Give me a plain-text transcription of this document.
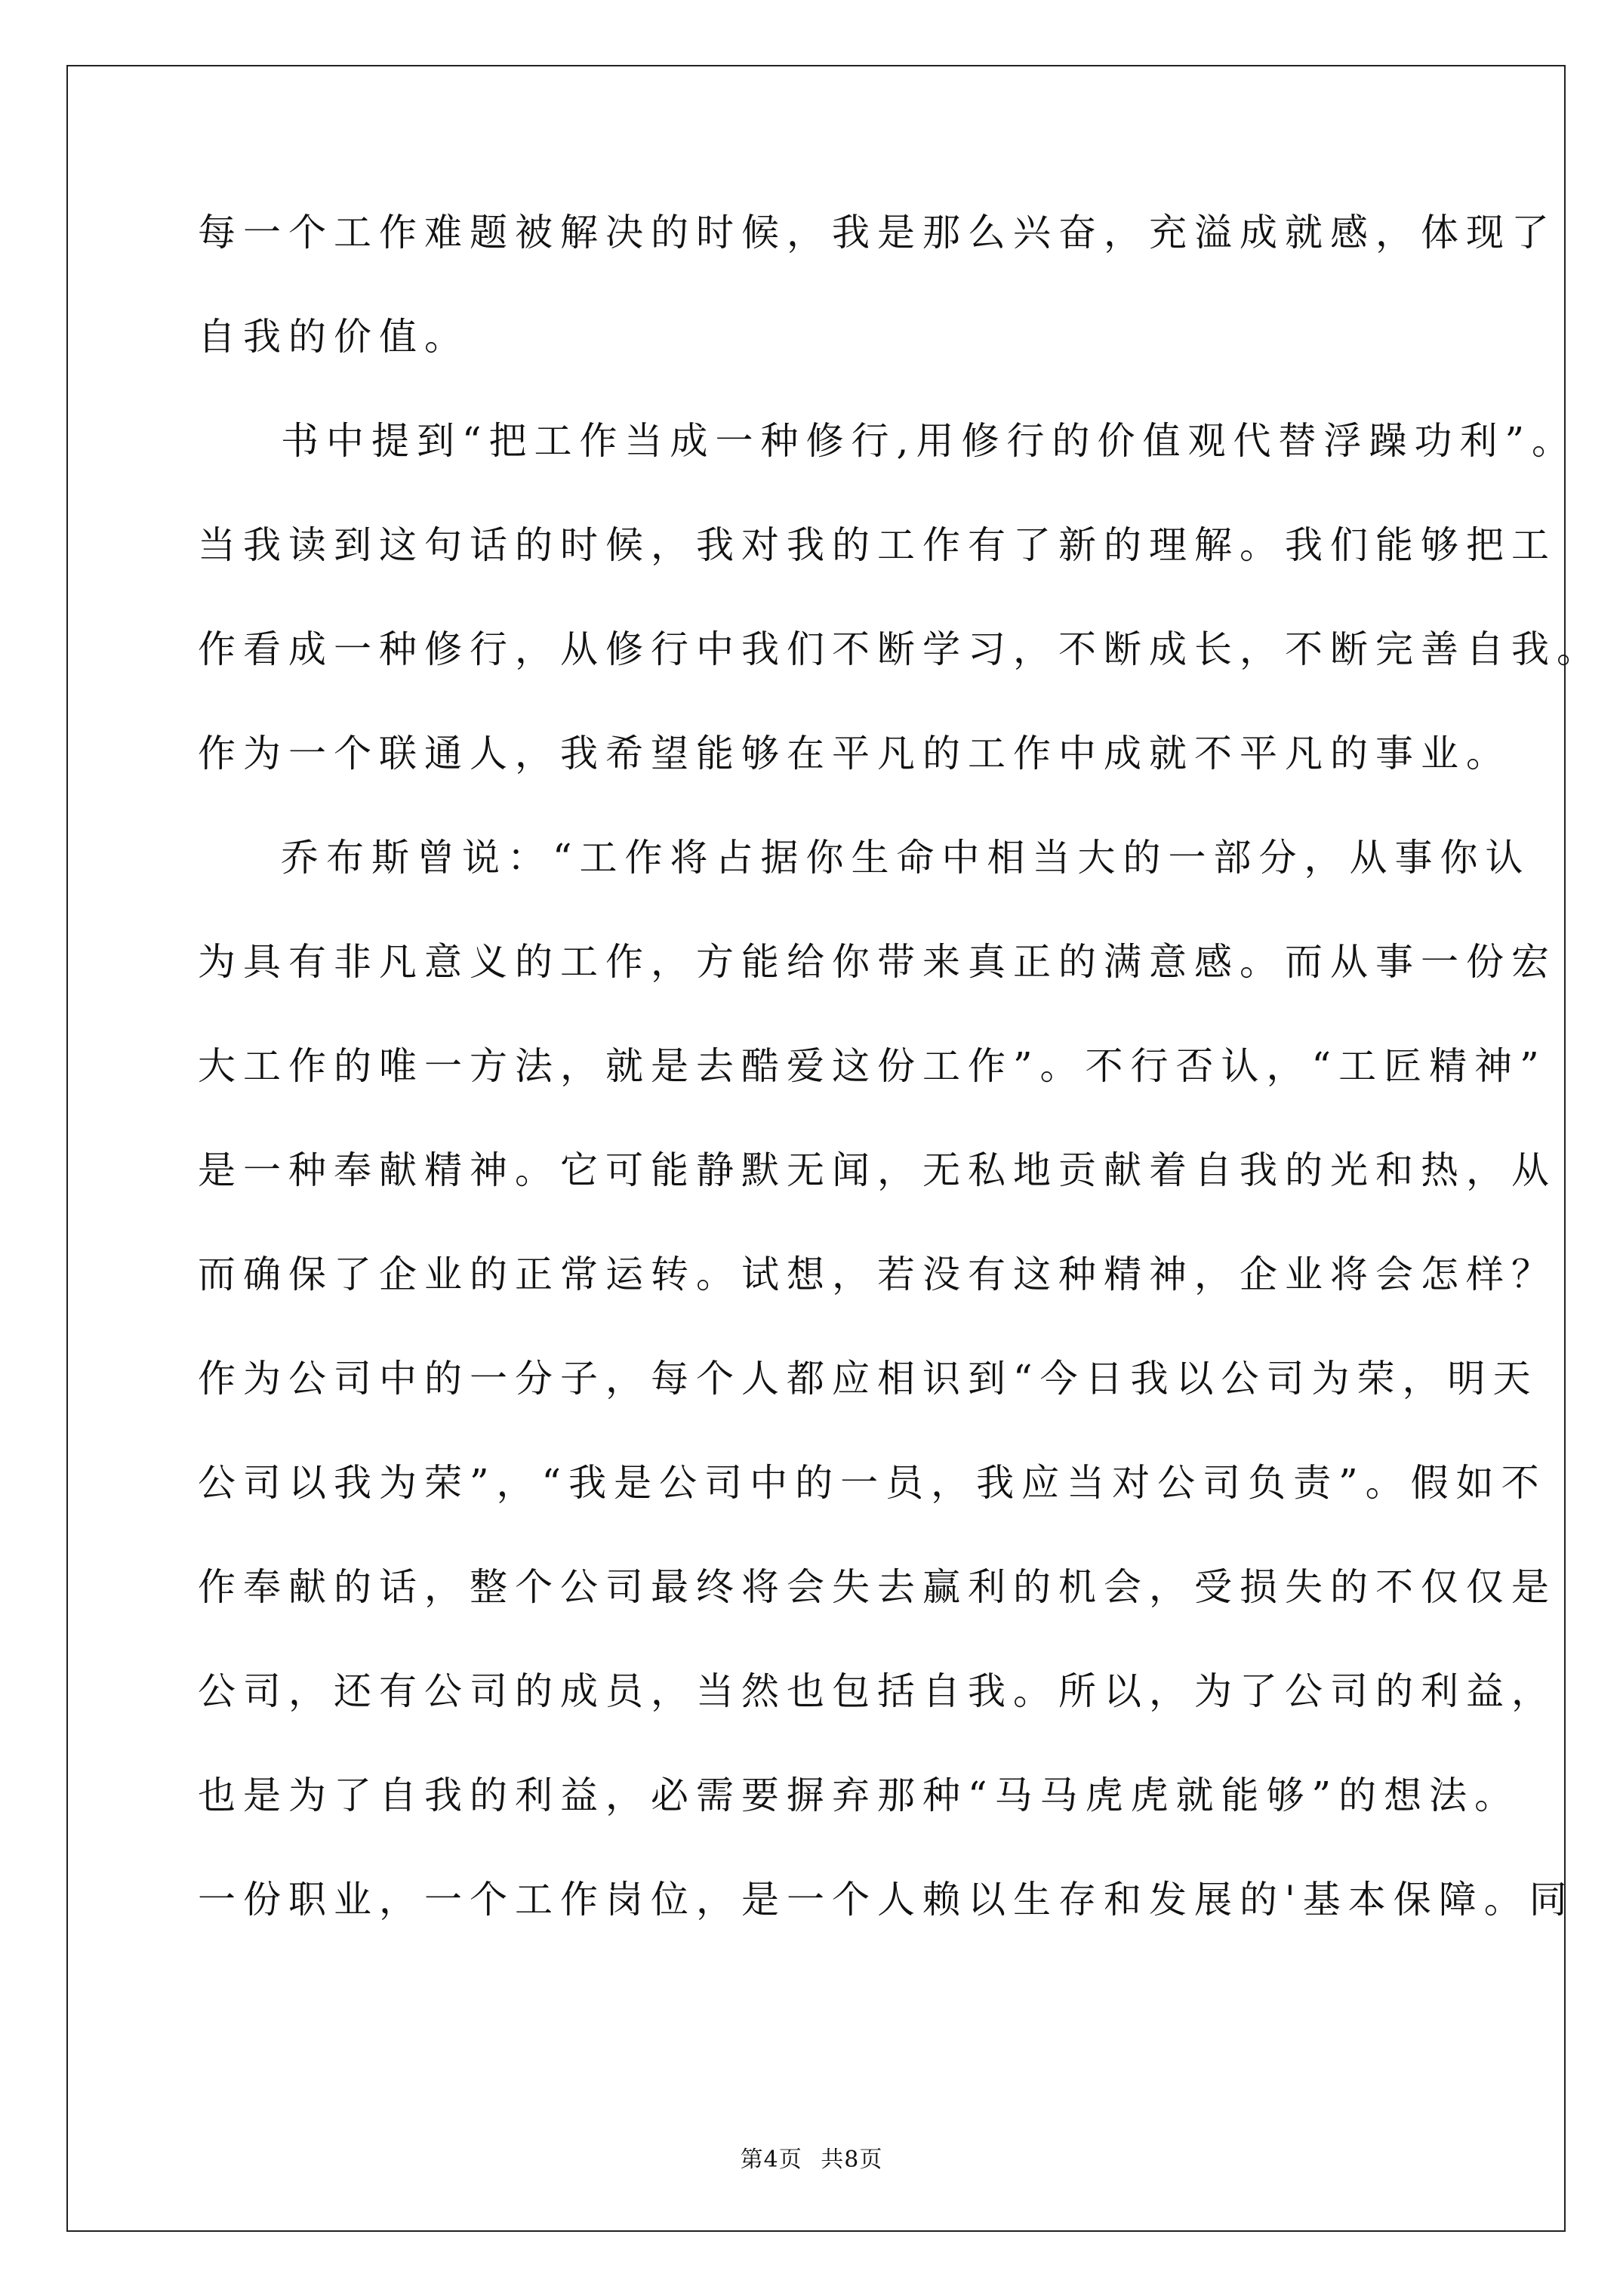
每一个工作难题被解决的时候，我是那么兴奋，充溢成就感，体现了
自我的价值。
书中提到“把工作当成一种修行,用修行的价值观代替浮躁功利”。
当我读到这句话的时候，我对我的工作有了新的理解。我们能够把工
作看成一种修行，从修行中我们不断学习，不断成长，不断完善自我。
作为一个联通人，我希望能够在平凡的工作中成就不平凡的事业。
乔布斯曾说：“工作将占据你生命中相当大的一部分，从事你认
为具有非凡意义的工作，方能给你带来真正的满意感。而从事一份宏
大工作的唯一方法，就是去酷爱这份工作”。不行否认，“工匠精神”
是一种奉献精神。它可能静默无闻，无私地贡献着自我的光和热，从
而确保了企业的正常运转。试想，若没有这种精神，企业将会怎样？
作为公司中的一分子，每个人都应相识到“今日我以公司为荣，明天
公司以我为荣”，“我是公司中的一员，我应当对公司负责”。假如不
作奉献的话，整个公司最终将会失去赢利的机会，受损失的不仅仅是
公司，还有公司的成员，当然也包括自我。所以，为了公司的利益，
也是为了自我的利益，必需要摒弃那种“马马虎虎就能够”的想法。
一份职业，一个工作岗位，是一个人赖以生存和发展的'基本保障。同
第4页 共8页
